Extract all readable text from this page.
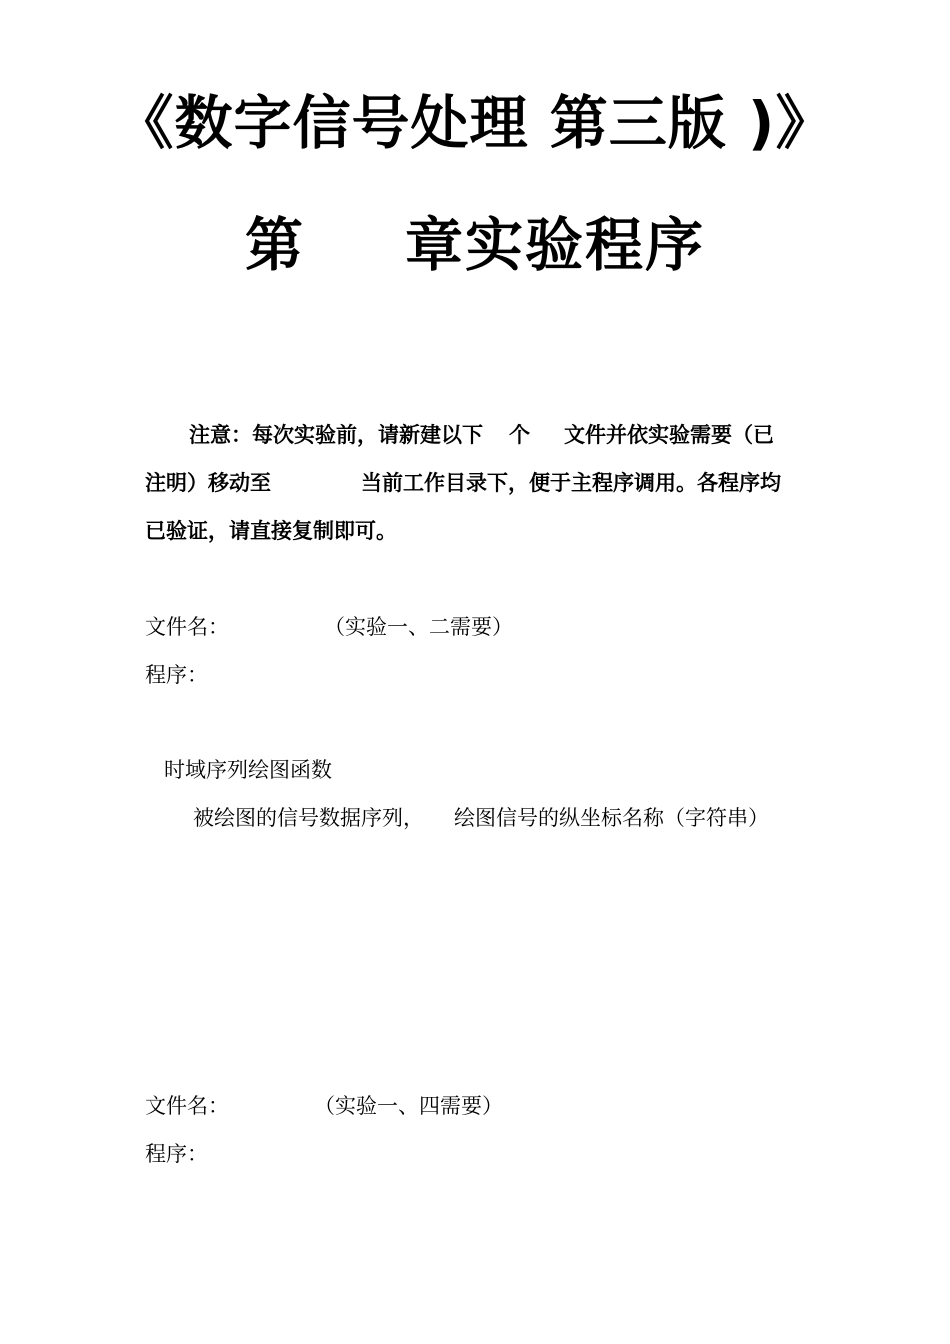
《数字信号处理 第三版 )》
第 章实验程序
注意：每次实验前，请新建以下 个 文件并依实验需要（已
注明）移动至	当前工作目录下，便于主程序调用。各程序均
已验证，请直接复制即可。
文件名：	（实验一、二需要）
程序：
时域序列绘图函数
被绘图的信号数据序列， 绘图信号的纵坐标名称（字符串）
文件名：	（实验一、四需要）
程序：
